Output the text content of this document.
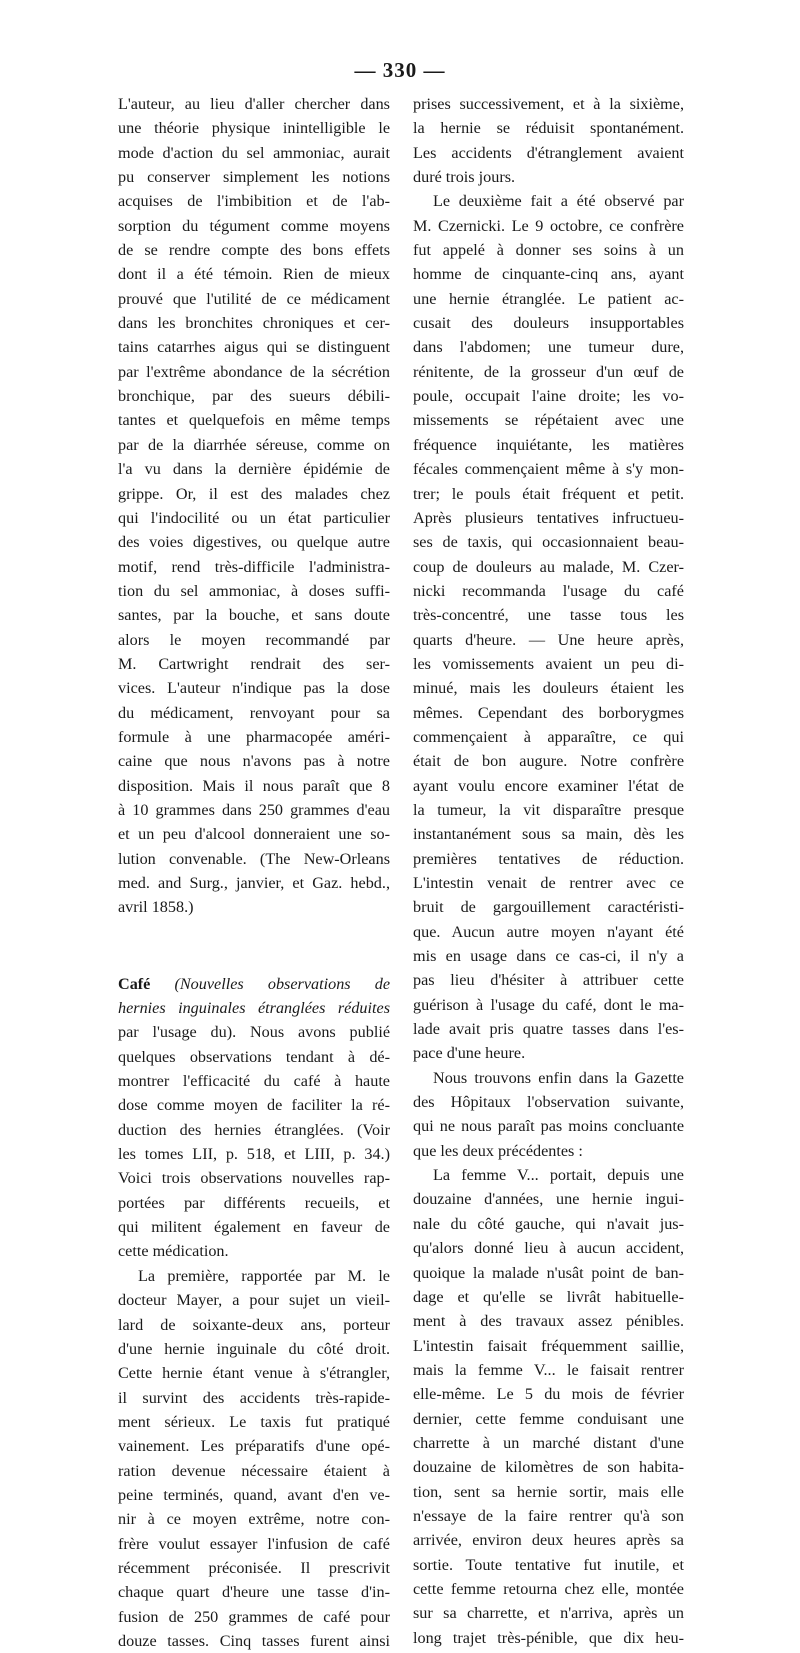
— 330 —
L'auteur, au lieu d'aller chercher dans
une théorie physique inintelligible le
mode d'action du sel ammoniac, aurait
pu conserver simplement les notions
acquises de l'imbibition et de l'ab-
sorption du tégument comme moyens
de se rendre compte des bons effets
dont il a été témoin. Rien de mieux
prouvé que l'utilité de ce médicament
dans les bronchites chroniques et cer-
tains catarrhes aigus qui se distinguent
par l'extrême abondance de la sécrétion
bronchique, par des sueurs débili-
tantes et quelquefois en même temps
par de la diarrhée séreuse, comme on
l'a vu dans la dernière épidémie de
grippe. Or, il est des malades chez
qui l'indocilité ou un état particulier
des voies digestives, ou quelque autre
motif, rend très-difficile l'administra-
tion du sel ammoniac, à doses suffi-
santes, par la bouche, et sans doute
alors le moyen recommandé par
M. Cartwright rendrait des ser-
vices. L'auteur n'indique pas la dose
du médicament, renvoyant pour sa
formule à une pharmacopée améri-
caine que nous n'avons pas à notre
disposition. Mais il nous paraît que 8
à 10 grammes dans 250 grammes d'eau
et un peu d'alcool donneraient une so-
lution convenable. (The New-Orleans
med. and Surg., janvier, et Gaz. hebd.,
avril 1858.)
Café (Nouvelles observations de
hernies inguinales étranglées réduites
par l'usage du). Nous avons publié
quelques observations tendant à dé-
montrer l'efficacité du café à haute
dose comme moyen de faciliter la ré-
duction des hernies étranglées. (Voir
les tomes LII, p. 518, et LIII, p. 34.)
Voici trois observations nouvelles rap-
portées par différents recueils, et
qui militent également en faveur de
cette médication.
La première, rapportée par M. le
docteur Mayer, a pour sujet un vieil-
lard de soixante-deux ans, porteur
d'une hernie inguinale du côté droit.
Cette hernie étant venue à s'étrangler,
il survint des accidents très-rapide-
ment sérieux. Le taxis fut pratiqué
vainement. Les préparatifs d'une opé-
ration devenue nécessaire étaient à
peine terminés, quand, avant d'en ve-
nir à ce moyen extrême, notre con-
frère voulut essayer l'infusion de café
récemment préconisée. Il prescrivit
chaque quart d'heure une tasse d'in-
fusion de 250 grammes de café pour
douze tasses. Cinq tasses furent ainsi
prises successivement, et à la sixième,
la hernie se réduisit spontanément.
Les accidents d'étranglement avaient
duré trois jours.
Le deuxième fait a été observé par
M. Czernicki. Le 9 octobre, ce confrère
fut appelé à donner ses soins à un
homme de cinquante-cinq ans, ayant
une hernie étranglée. Le patient ac-
cusait des douleurs insupportables
dans l'abdomen; une tumeur dure,
rénitente, de la grosseur d'un œuf de
poule, occupait l'aine droite; les vo-
missements se répétaient avec une
fréquence inquiétante, les matières
fécales commençaient même à s'y mon-
trer; le pouls était fréquent et petit.
Après plusieurs tentatives infructueu-
ses de taxis, qui occasionnaient beau-
coup de douleurs au malade, M. Czer-
nicki recommanda l'usage du café
très-concentré, une tasse tous les
quarts d'heure. — Une heure après,
les vomissements avaient un peu di-
minué, mais les douleurs étaient les
mêmes. Cependant des borborygmes
commençaient à apparaître, ce qui
était de bon augure. Notre confrère
ayant voulu encore examiner l'état de
la tumeur, la vit disparaître presque
instantanément sous sa main, dès les
premières tentatives de réduction.
L'intestin venait de rentrer avec ce
bruit de gargouillement caractéristi-
que. Aucun autre moyen n'ayant été
mis en usage dans ce cas-ci, il n'y a
pas lieu d'hésiter à attribuer cette
guérison à l'usage du café, dont le ma-
lade avait pris quatre tasses dans l'es-
pace d'une heure.
Nous trouvons enfin dans la Gazette
des Hôpitaux l'observation suivante,
qui ne nous paraît pas moins concluante
que les deux précédentes :
La femme V... portait, depuis une
douzaine d'années, une hernie ingui-
nale du côté gauche, qui n'avait jus-
qu'alors donné lieu à aucun accident,
quoique la malade n'usât point de ban-
dage et qu'elle se livrât habituelle-
ment à des travaux assez pénibles.
L'intestin faisait fréquemment saillie,
mais la femme V... le faisait rentrer
elle-même. Le 5 du mois de février
dernier, cette femme conduisant une
charrette à un marché distant d'une
douzaine de kilomètres de son habita-
tion, sent sa hernie sortir, mais elle
n'essaye de la faire rentrer qu'à son
arrivée, environ deux heures après sa
sortie. Toute tentative fut inutile, et
cette femme retourna chez elle, montée
sur sa charrette, et n'arriva, après un
long trajet très-pénible, que dix heu-
